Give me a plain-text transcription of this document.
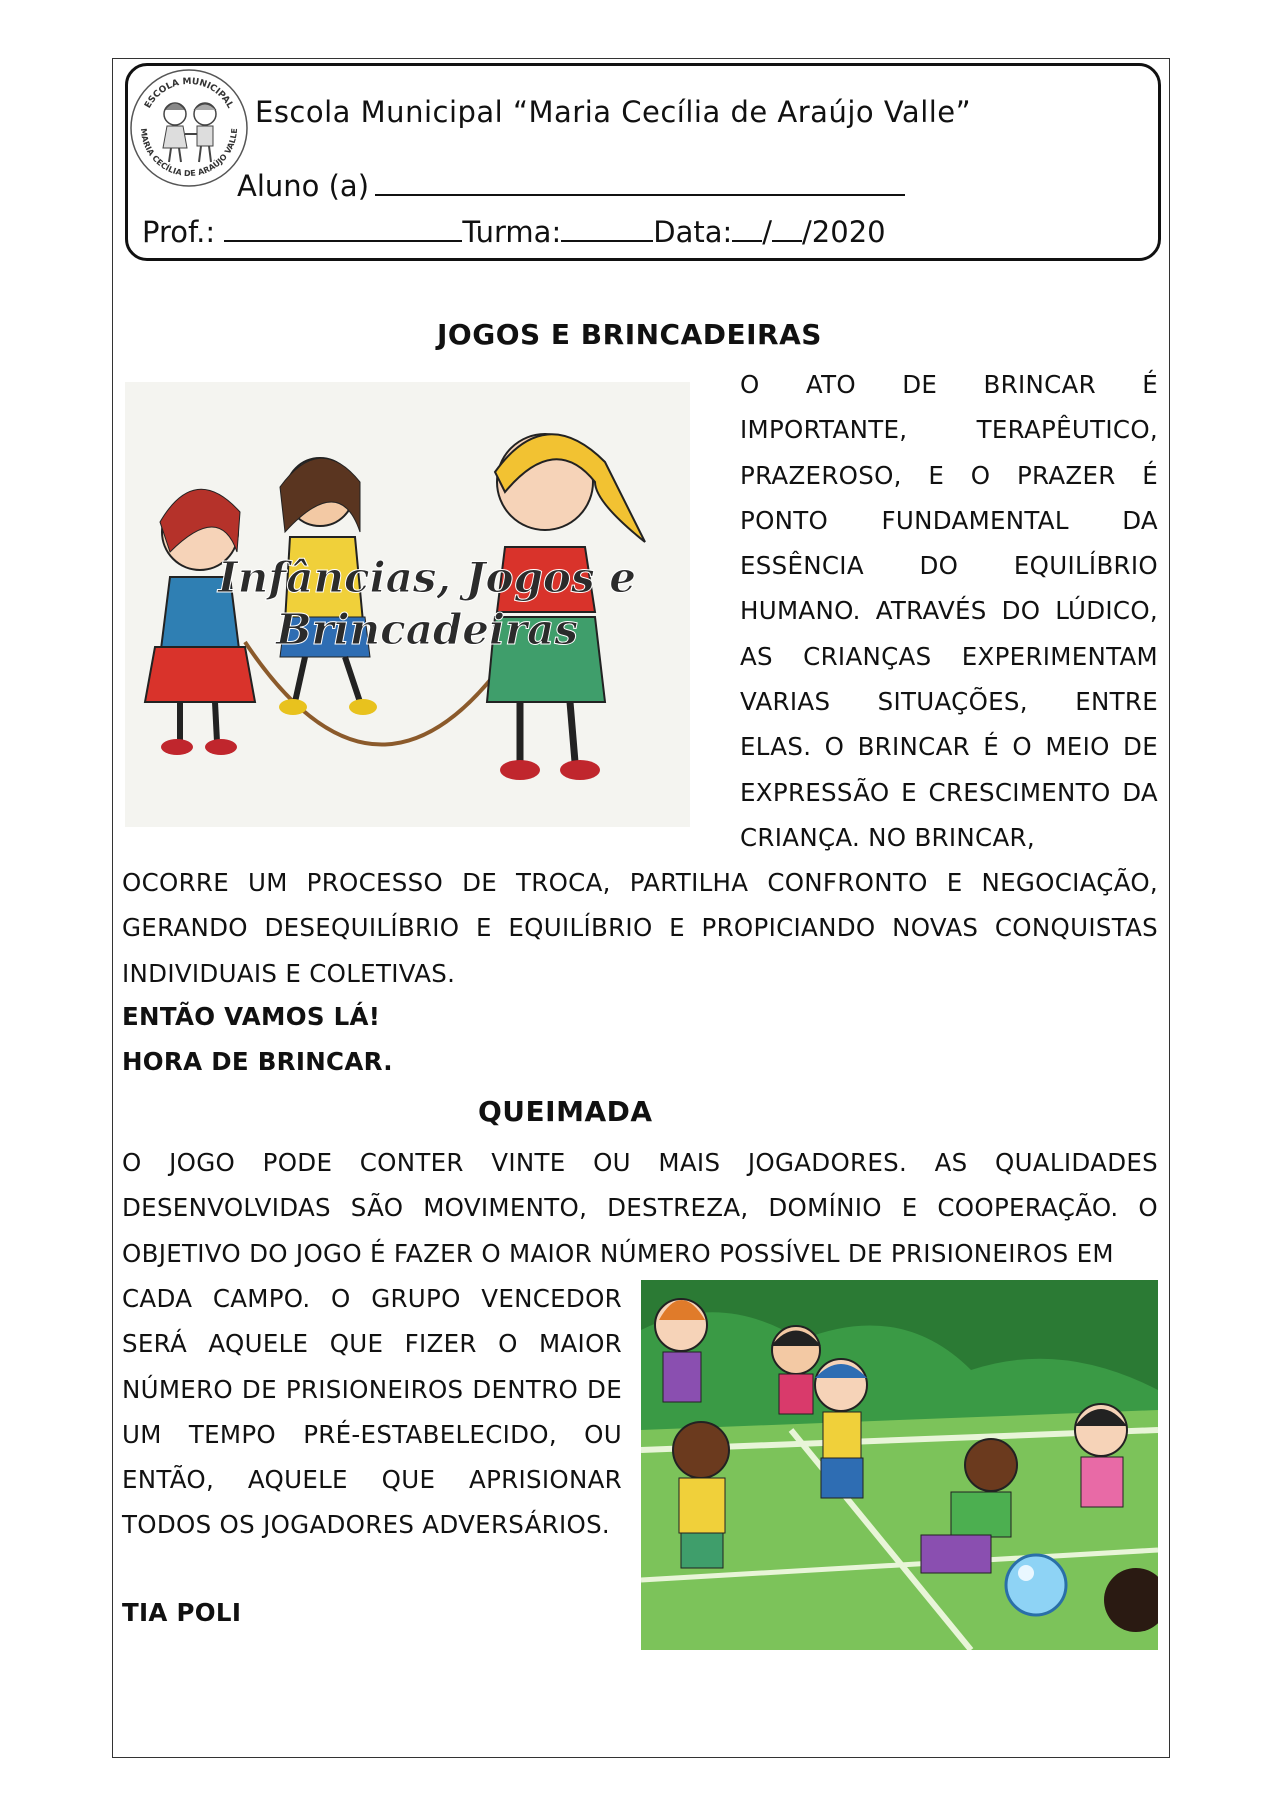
ESCOLA MUNICIPAL
MARIA CECÍLIA DE ARAÚJO VALLE
Escola Municipal “Maria Cecília de Araújo Valle”
Aluno (a)
Prof.:	Turma:	Data: / /2020
JOGOS E BRINCADEIRAS
Infâncias, Jogos e
Brincadeiras
O ATO DE BRINCAR É IMPORTANTE, TERAPÊUTICO, PRAZEROSO, E O PRAZER É PONTO FUNDAMENTAL DA ESSÊNCIA DO EQUILÍBRIO HUMANO. ATRAVÉS DO LÚDICO, AS CRIANÇAS EXPERIMENTAM VARIAS SITUAÇÕES, ENTRE ELAS. O BRINCAR É O MEIO DE EXPRESSÃO E CRESCIMENTO DA CRIANÇA. NO BRINCAR,
OCORRE UM PROCESSO DE TROCA, PARTILHA CONFRONTO E NEGOCIAÇÃO, GERANDO DESEQUILÍBRIO E EQUILÍBRIO E PROPICIANDO NOVAS CONQUISTAS INDIVIDUAIS E COLETIVAS.
ENTÃO VAMOS LÁ!
HORA DE BRINCAR.
QUEIMADA
O JOGO PODE CONTER VINTE OU MAIS JOGADORES. AS QUALIDADES DESENVOLVIDAS SÃO MOVIMENTO, DESTREZA, DOMÍNIO E COOPERAÇÃO. O OBJETIVO DO JOGO É FAZER O MAIOR NÚMERO POSSÍVEL DE PRISIONEIROS EM
CADA CAMPO. O GRUPO VENCEDOR SERÁ AQUELE QUE FIZER O MAIOR NÚMERO DE PRISIONEIROS DENTRO DE UM TEMPO PRÉ-ESTABELECIDO, OU ENTÃO, AQUELE QUE APRISIONAR TODOS OS JOGADORES ADVERSÁRIOS.
TIA POLI
